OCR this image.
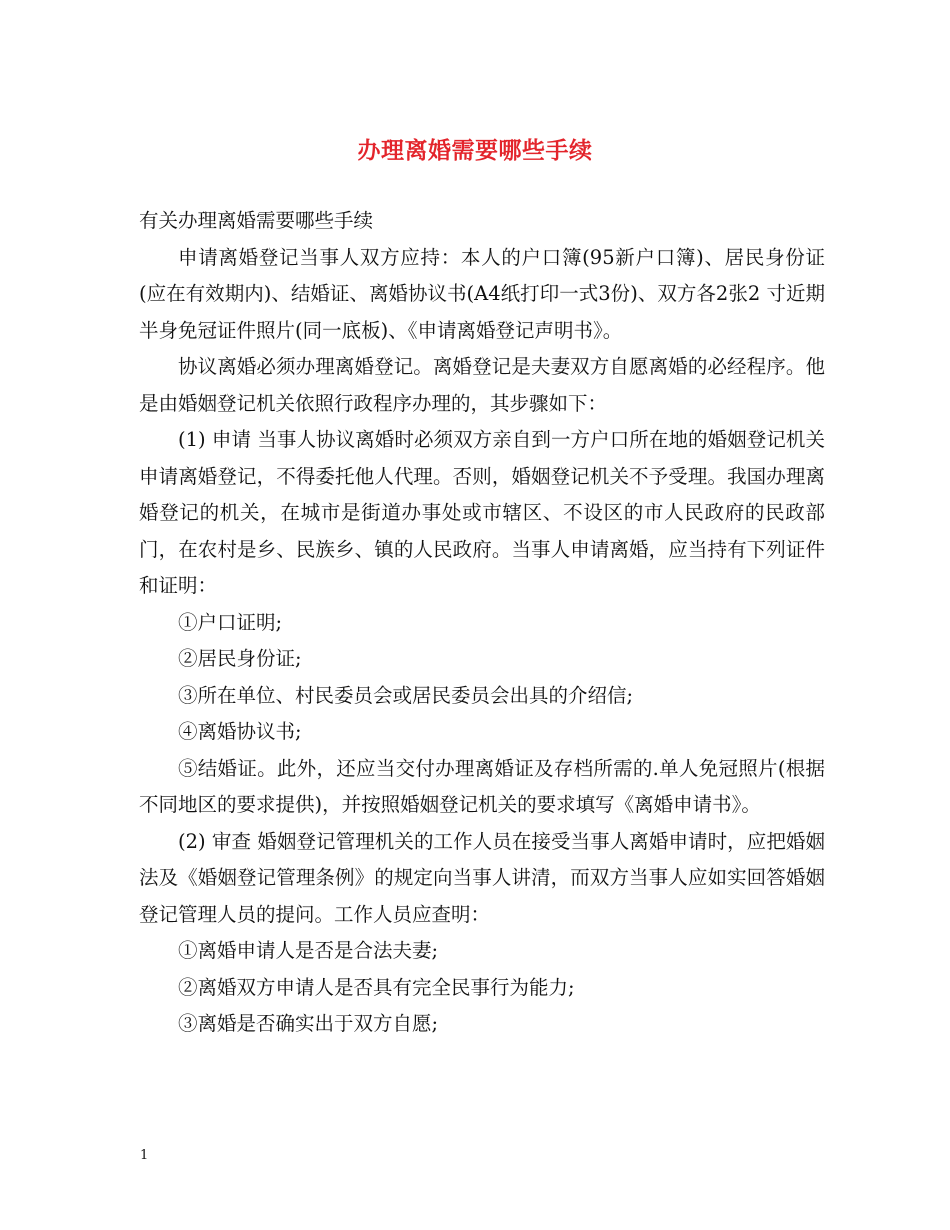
办理离婚需要哪些手续

有关办理离婚需要哪些手续

申请离婚登记当事人双方应持：本人的户口簿(95新户口簿)、居民身份证(应在有效期内)、结婚证、离婚协议书(A4纸打印一式3份)、双方各2张2 寸近期半身免冠证件照片(同一底板)、《申请离婚登记声明书》。

协议离婚必须办理离婚登记。离婚登记是夫妻双方自愿离婚的必经程序。他是由婚姻登记机关依照行政程序办理的，其步骤如下：

(1) 申请 当事人协议离婚时必须双方亲自到一方户口所在地的婚姻登记机关申请离婚登记，不得委托他人代理。否则，婚姻登记机关不予受理。我国办理离婚登记的机关，在城市是街道办事处或市辖区、不设区的市人民政府的民政部门，在农村是乡、民族乡、镇的人民政府。当事人申请离婚，应当持有下列证件和证明：

①户口证明;

②居民身份证;

③所在单位、村民委员会或居民委员会出具的介绍信;

④离婚协议书;

⑤结婚证。此外，还应当交付办理离婚证及存档所需的.单人免冠照片(根据不同地区的要求提供)，并按照婚姻登记机关的要求填写《离婚申请书》。

(2) 审查 婚姻登记管理机关的工作人员在接受当事人离婚申请时，应把婚姻法及《婚姻登记管理条例》的规定向当事人讲清，而双方当事人应如实回答婚姻登记管理人员的提问。工作人员应查明：

①离婚申请人是否是合法夫妻;

②离婚双方申请人是否具有完全民事行为能力;

③离婚是否确实出于双方自愿;

1
